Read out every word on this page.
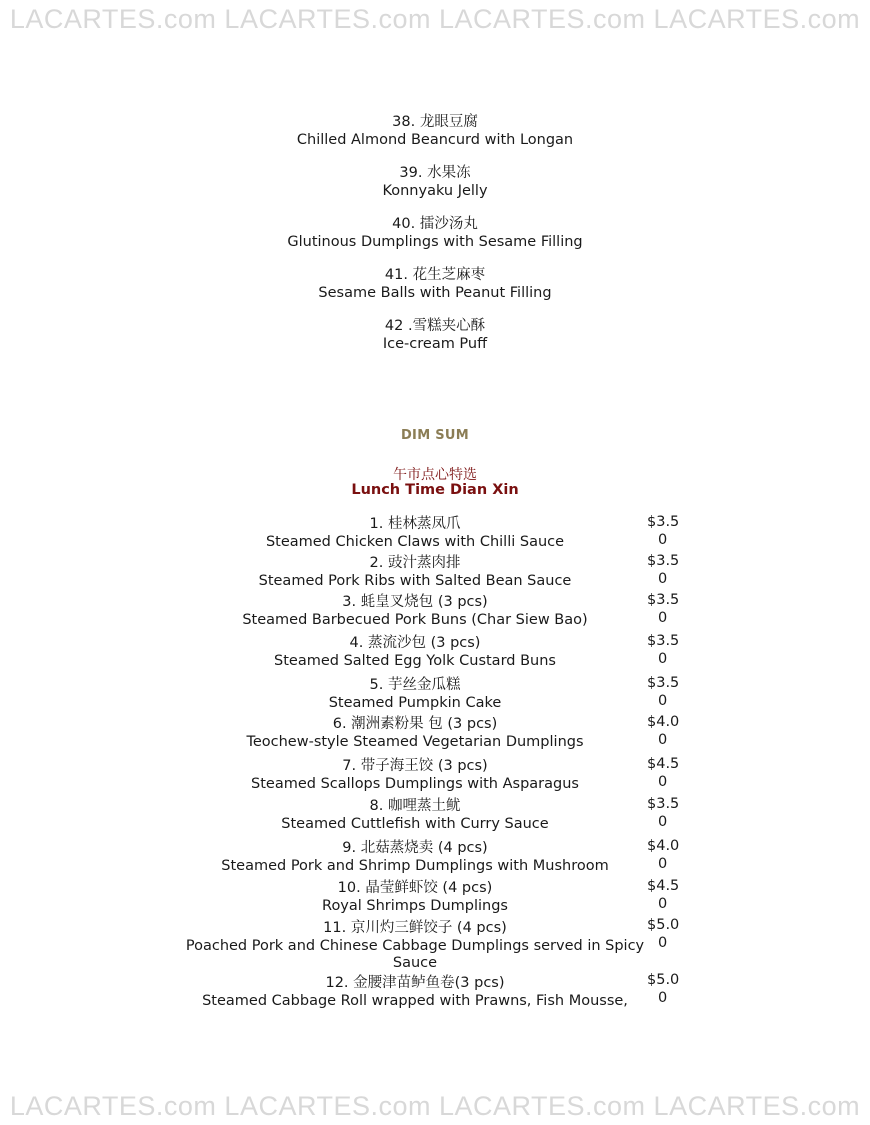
LACARTES.com LACARTES.com LACARTES.com LACARTES.com
38. 龙眼豆腐
Chilled Almond Beancurd with Longan
39. 水果冻
Konnyaku Jelly
40. 擂沙汤丸
Glutinous Dumplings with Sesame Filling
41. 花生芝麻枣
Sesame Balls with Peanut Filling
42 .雪糕夹心酥
Ice-cream Puff
DIM SUM
午市点心特选
Lunch Time Dian Xin
1. 桂林蒸凤爪
Steamed Chicken Claws with Chilli Sauce
$3.5
0
2. 豉汁蒸肉排
Steamed Pork Ribs with Salted Bean Sauce
$3.5
0
3. 蚝皇叉烧包 (3 pcs)
Steamed Barbecued Pork Buns (Char Siew Bao)
$3.5
0
4. 蒸流沙包 (3 pcs)
Steamed Salted Egg Yolk Custard Buns
$3.5
0
5. 芋丝金瓜糕
Steamed Pumpkin Cake
$3.5
0
6. 潮洲素粉果 包 (3 pcs)
Teochew-style Steamed Vegetarian Dumplings
$4.0
0
7. 带子海王饺 (3 pcs)
Steamed Scallops Dumplings with Asparagus
$4.5
0
8. 咖哩蒸土鱿
Steamed Cuttlefish with Curry Sauce
$3.5
0
9. 北菇蒸烧卖 (4 pcs)
Steamed Pork and Shrimp Dumplings with Mushroom
$4.0
0
10. 晶莹鲜虾饺 (4 pcs)
Royal Shrimps Dumplings
$4.5
0
11. 京川灼三鲜饺子 (4 pcs)
Poached Pork and Chinese Cabbage Dumplings served in Spicy Sauce
$5.0
0
12. 金腰津苗鲈鱼卷(3 pcs)
Steamed Cabbage Roll wrapped with Prawns, Fish Mousse,
$5.0
0
LACARTES.com LACARTES.com LACARTES.com LACARTES.com
